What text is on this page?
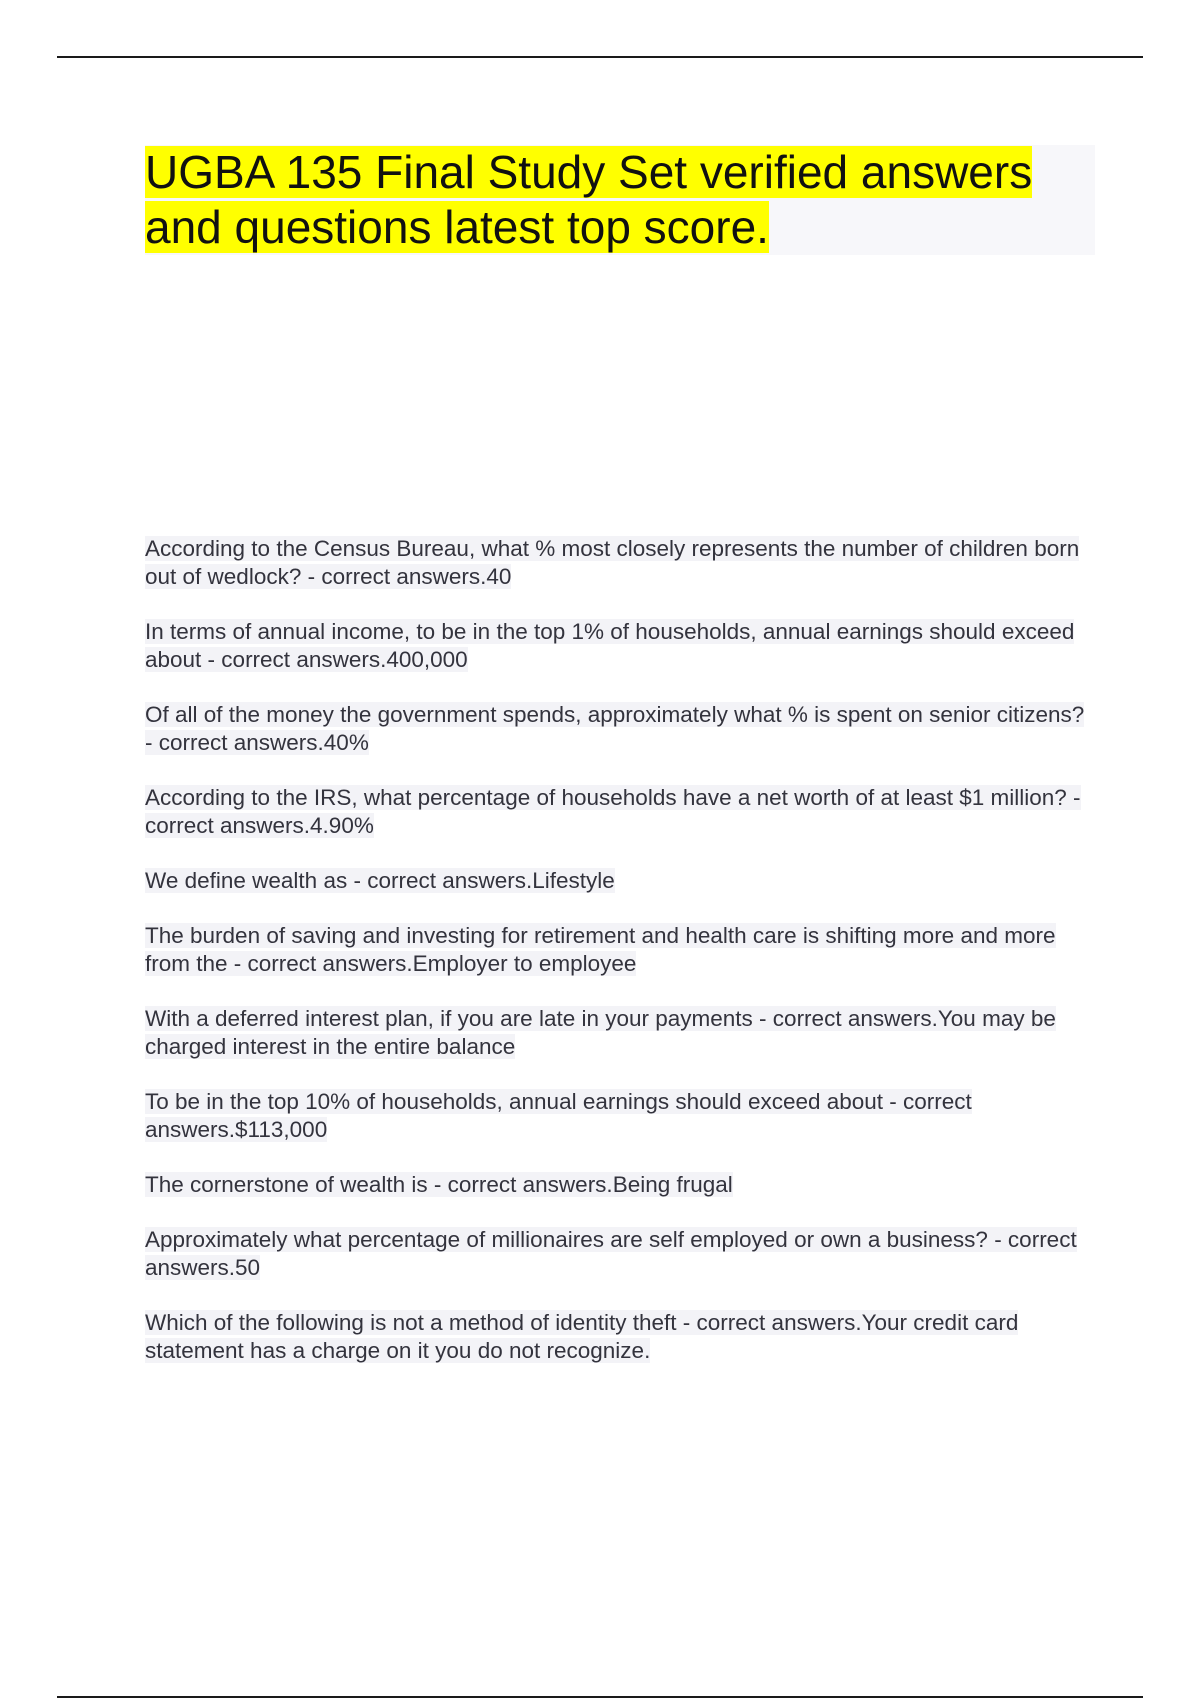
UGBA 135 Final Study Set verified answers and questions latest top score.
According to the Census Bureau, what % most closely represents the number of children born out of wedlock? - correct answers.40
In terms of annual income, to be in the top 1% of households, annual earnings should exceed about - correct answers.400,000
Of all of the money the government spends, approximately what % is spent on senior citizens? - correct answers.40%
According to the IRS, what percentage of households have a net worth of at least $1 million? - correct answers.4.90%
We define wealth as - correct answers.Lifestyle
The burden of saving and investing for retirement and health care is shifting more and more from the - correct answers.Employer to employee
With a deferred interest plan, if you are late in your payments - correct answers.You may be charged interest in the entire balance
To be in the top 10% of households, annual earnings should exceed about - correct answers.$113,000
The cornerstone of wealth is - correct answers.Being frugal
Approximately what percentage of millionaires are self employed or own a business? - correct answers.50
Which of the following is not a method of identity theft - correct answers.Your credit card statement has a charge on it you do not recognize.
